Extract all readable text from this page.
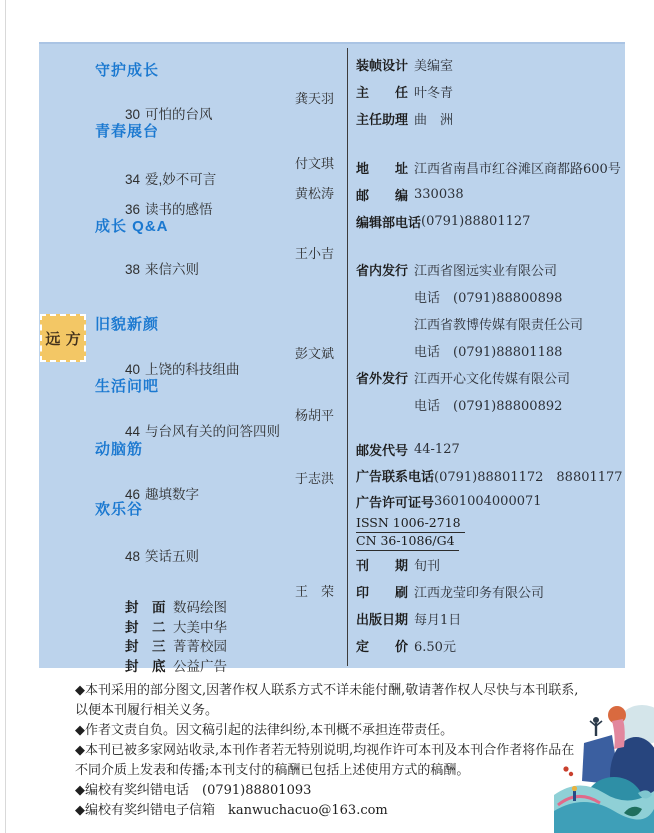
守护成长

30 可怕的台风

龚天羽

青春展台

34 爱,妙不可言

付文琪

36 读书的感悟

黄松涛

成长 Q&A

38 来信六则

王小吉

远 方
旧貌新颜

40 上饶的科技组曲

彭文斌

生活问吧

44 与台风有关的问答四则

杨胡平

动脑筋

46 趣填数字

于志洪

欢乐谷

48 笑话五则

封　面 数码绘图

王　荣

封　二 大美中华

封　三 菁菁校园

封　底 公益广告

装帧设计 美编室
主　　任 叶冬青
主任助理 曲　洲
地　　址 江西省南昌市红谷滩区商都路600号
邮　　编 330038
编辑部电话 (0791)88801127
省内发行 江西省图远实业有限公司
电话　(0791)88800898
江西省教博传媒有限责任公司
电话　(0791)88801188
省外发行 江西开心文化传媒有限公司
电话　(0791)88800892
邮发代号 44-127
广告联系电话 (0791)88801172　88801177
广告许可证号 3601004000071
ISSN 1006-2718
CN 36-1086/G4
刊　　期 旬刊
印　　刷 江西龙莹印务有限公司
出版日期 每月1日
定　　价 6.50元
◆本刊采用的部分图文,因著作权人联系方式不详未能付酬,敬请著作权人尽快与本刊联系,
以便本刊履行相关义务。
◆作者文责自负。因文稿引起的法律纠纷,本刊概不承担连带责任。
◆本刊已被多家网站收录,本刊作者若无特别说明,均视作许可本刊及本刊合作者将作品在
不同介质上发表和传播;本刊支付的稿酬已包括上述使用方式的稿酬。
◆编校有奖纠错电话　(0791)88801093
◆编校有奖纠错电子信箱　kanwuchacuo@163.com
